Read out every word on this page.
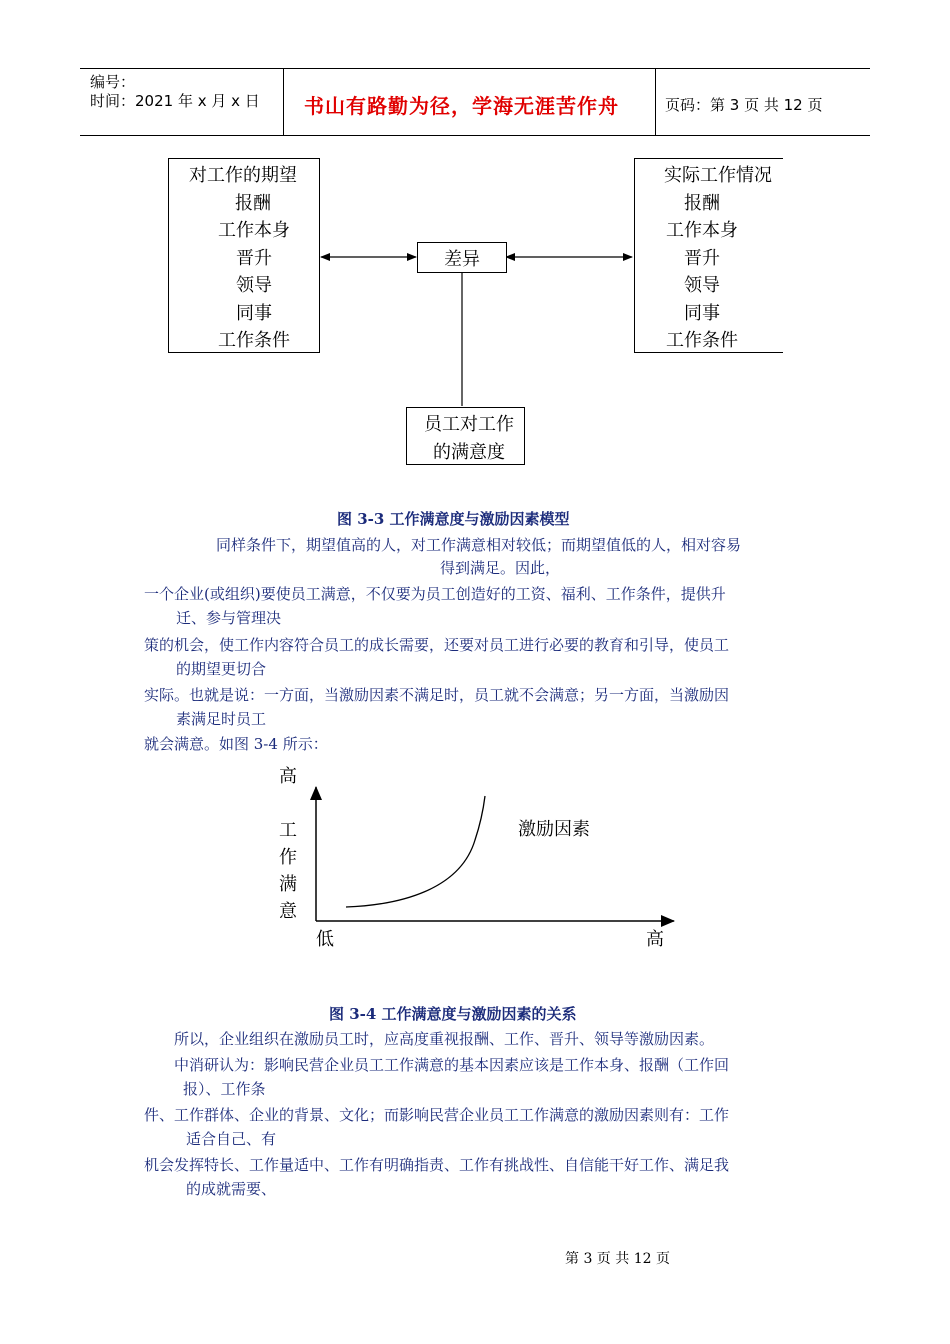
编号：
时间：2021 年 x 月 x 日 书山有路勤为径，学海无涯苦作舟	页码：第 3 页 共 12 页
对工作的期望
报酬
工作本身
晋升
领导
同事
工作条件
实际工作情况
报酬
工作本身
晋升
领导
同事
工作条件
差异
员工对工作
的满意度
图 3-3 工作满意度与激励因素模型
同样条件下，期望值高的人，对工作满意相对较低；而期望值低的人，相对容易
得到满足。因此，
一个企业(或组织)要使员工满意，不仅要为员工创造好的工资、福利、工作条件，提供升
迁、参与管理决
策的机会，使工作内容符合员工的成长需要，还要对员工进行必要的教育和引导，使员工
的期望更切合
实际。也就是说：一方面，当激励因素不满足时，员工就不会满意；另一方面，当激励因
素满足时员工
就会满意。如图 3-4 所示：
高
工
作
满
意
低	高
激励因素
图 3-4 工作满意度与激励因素的关系
所以，企业组织在激励员工时，应高度重视报酬、工作、晋升、领导等激励因素。
中消研认为：影响民营企业员工工作满意的基本因素应该是工作本身、报酬（工作回
报）、工作条
件、工作群体、企业的背景、文化；而影响民营企业员工工作满意的激励因素则有：工作
适合自己、有
机会发挥特长、工作量适中、工作有明确指责、工作有挑战性、自信能干好工作、满足我
的成就需要、
第 3 页 共 12 页
